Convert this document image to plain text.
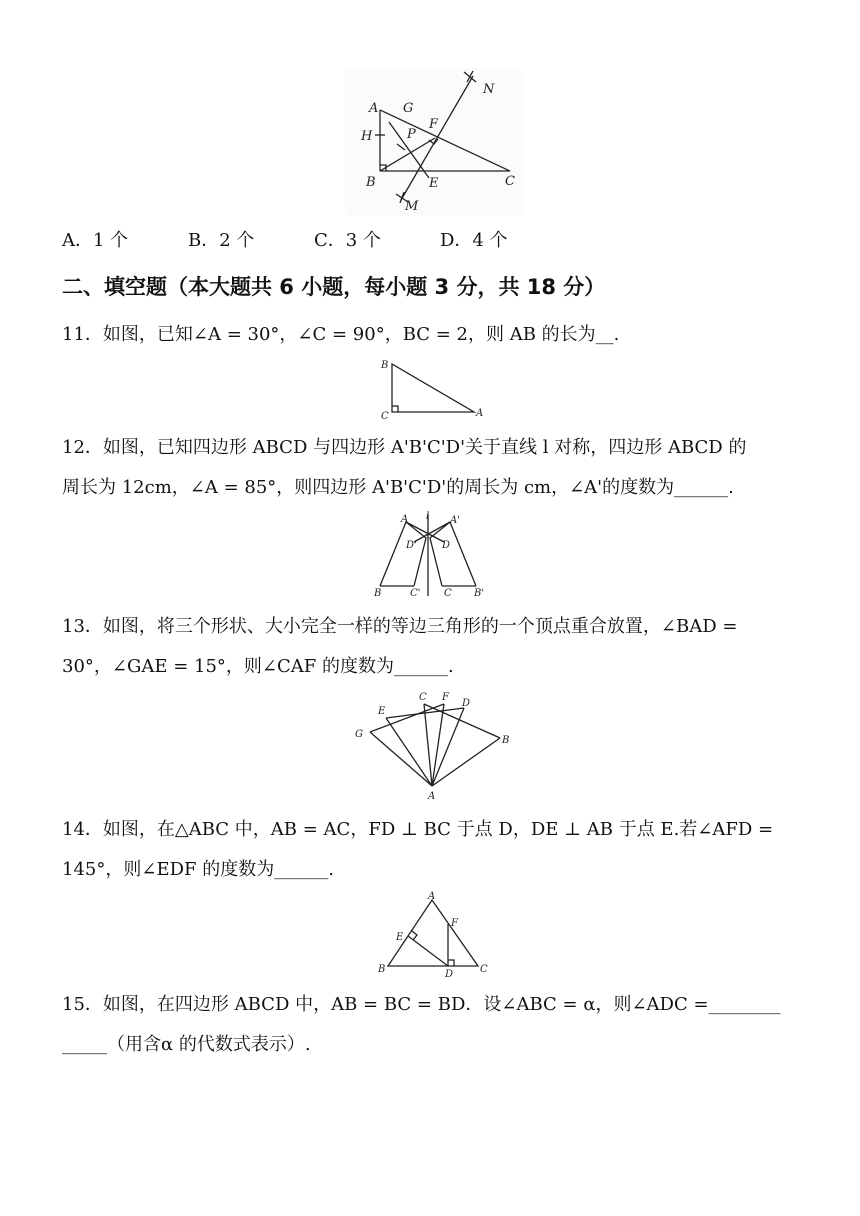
A G
F
N
H	P
B	E	C
M
A．1 个	B．2 个	C．3 个	D．4 个
二、填空题（本大题共 6 小题，每小题 3 分，共 18 分）
11．如图，已知∠A = 30°，∠C = 90°，BC = 2，则 AB 的长为__.
B
C	A
12．如图，已知四边形 ABCD 与四边形 A'B'C'D'关于直线 l 对称，四边形 ABCD 的
周长为 12cm，∠A = 85°，则四边形 A'B'C'D'的周长为 cm，∠A'的度数为______.
A l A'
D'	D
B	C' C B'
13．如图，将三个形状、大小完全一样的等边三角形的一个顶点重合放置，∠BAD =
30°，∠GAE = 15°，则∠CAF 的度数为______.
C F
E
D
G
B
A
14．如图，在△ABC 中，AB = AC，FD ⊥ BC 于点 D，DE ⊥ AB 于点 E.若∠AFD =
145°，则∠EDF 的度数为______.
A
F
E
B	D	C
15．如图，在四边形 ABCD 中，AB = BC = BD．设∠ABC = α，则∠ADC =________
_____（用含α 的代数式表示）.
